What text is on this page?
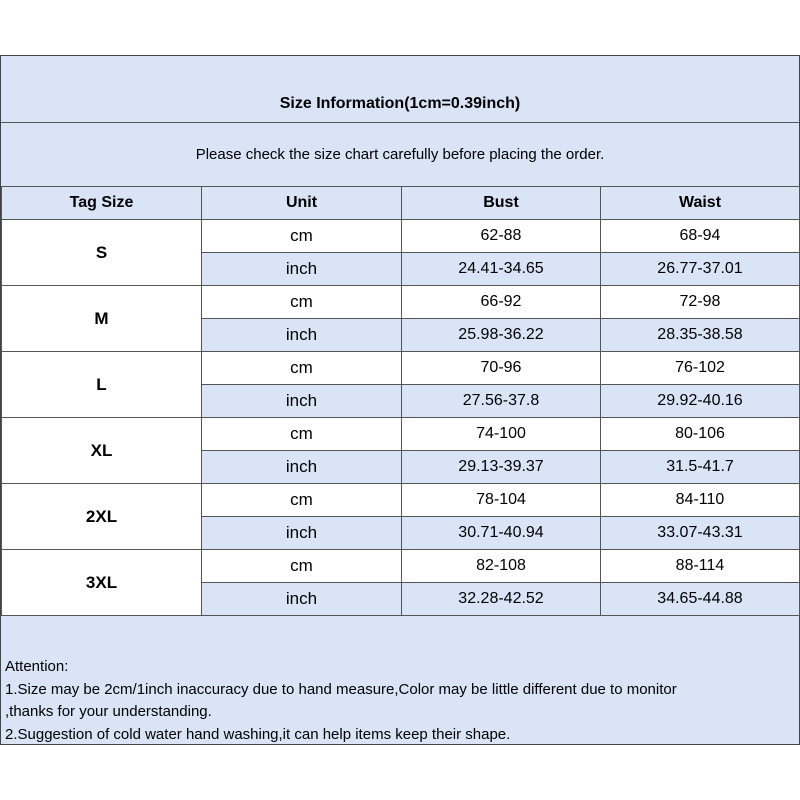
Size Information(1cm=0.39inch)
Please check the size chart carefully before placing the order.
Tag Size	Unit	Bust	Waist
S	cm	62-88	68-94
	inch	24.41-34.65	26.77-37.01
M	cm	66-92	72-98
	inch	25.98-36.22	28.35-38.58
L	cm	70-96	76-102
	inch	27.56-37.8	29.92-40.16
XL	cm	74-100	80-106
	inch	29.13-39.37	31.5-41.7
2XL	cm	78-104	84-110
	inch	30.71-40.94	33.07-43.31
3XL	cm	82-108	88-114
	inch	32.28-42.52	34.65-44.88
Attention:
1.Size may be 2cm/1inch inaccuracy due to hand measure,Color may be little different due to monitor
,thanks for your understanding.
2.Suggestion of cold water hand washing,it can help items keep their shape.
